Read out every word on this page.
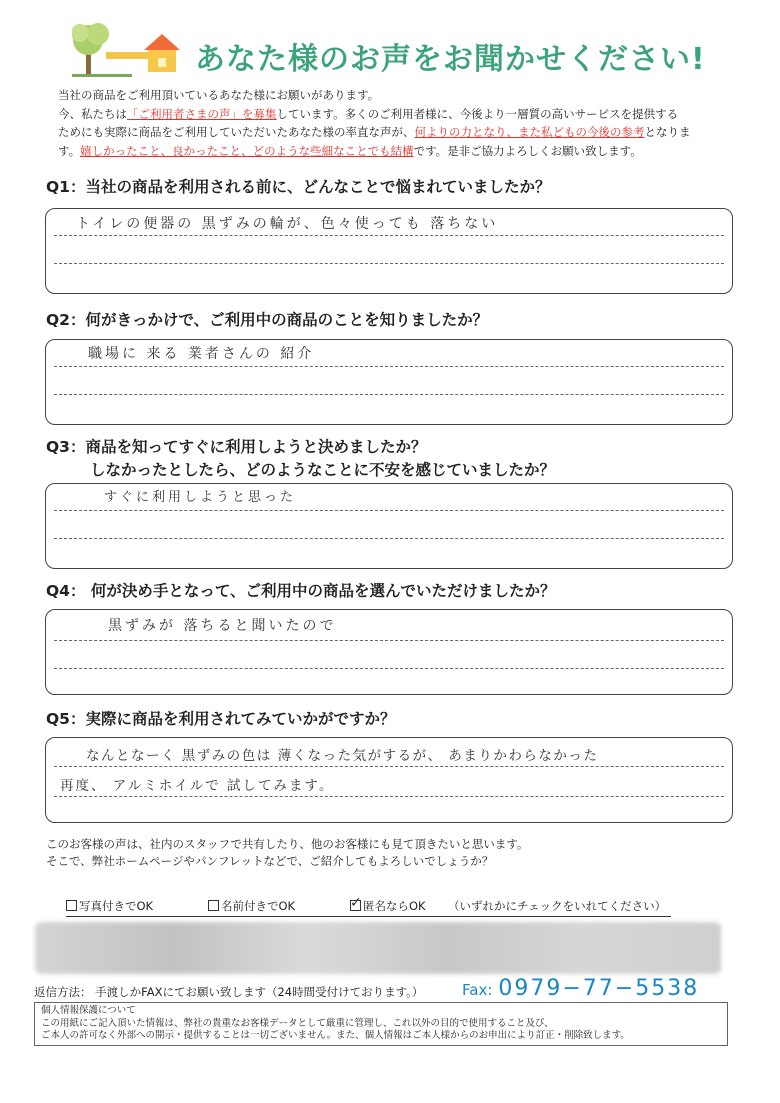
あなた様のお声をお聞かせください!
当社の商品をご利用頂いているあなた様にお願いがあります。
今、私たちは「ご利用者さまの声」を募集しています。多くのご利用者様に、今後より一層質の高いサービスを提供する
ためにも実際に商品をご利用していただいたあなた様の率直な声が、何よりの力となり、また私どもの今後の参考となりま
す。嬉しかったこと、良かったこと、どのような些細なことでも結構です。是非ご協力よろしくお願い致します。
Q1：当社の商品を利用される前に、どんなことで悩まれていましたか？
トイレの便器の 黒ずみの輪が、色々使っても 落ちない
Q2：何がきっかけで、ご利用中の商品のことを知りましたか？
職場に 来る 業者さんの 紹介
Q3：商品を知ってすぐに利用しようと決めましたか？
しなかったとしたら、どのようなことに不安を感じていましたか？
すぐに利用しようと思った
Q4： 何が決め手となって、ご利用中の商品を選んでいただけましたか？
黒ずみが 落ちると聞いたので
Q5：実際に商品を利用されてみていかがですか？
なんとなーく 黒ずみの色は 薄くなった気がするが、 あまりかわらなかった
再度、 アルミホイルで 試してみます。
このお客様の声は、社内のスタッフで共有したり、他のお客様にも見て頂きたいと思います。
そこで、弊社ホームページやパンフレットなどで、ご紹介してもよろしいでしょうか？
写真付きでOK	名前付きでOK	✓ 匿名ならOK （いずれかにチェックをいれてください）
返信方法： 手渡しかFAXにてお願い致します（24時間受付けております。）	Fax: 0979−77−5538
個人情報保護について
この用紙にご記入頂いた情報は、弊社の貴重なお客様データとして厳重に管理し、これ以外の目的で使用すること及び、
ご本人の許可なく外部への開示・提供することは一切ございません。また、個人情報はご本人様からのお申出により訂正・削除致します。
